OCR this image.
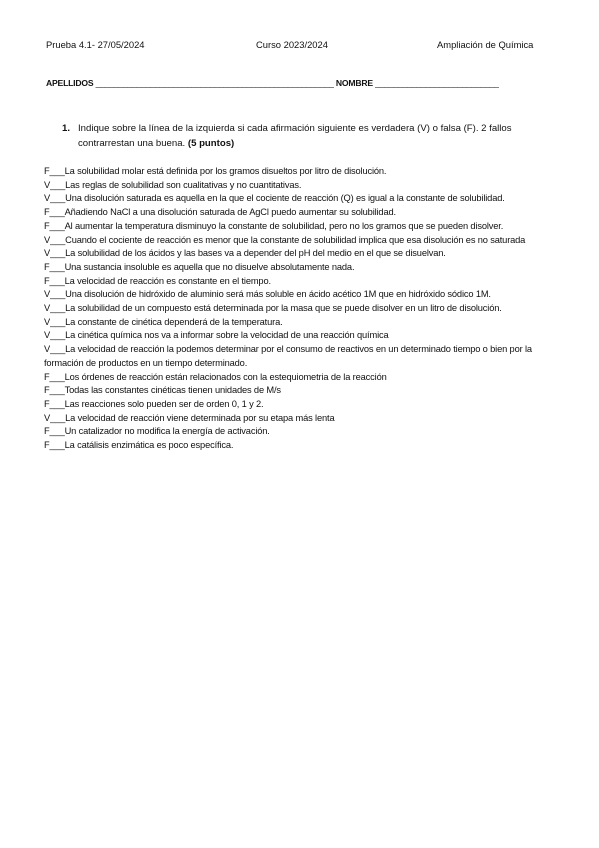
Prueba 4.1- 27/05/2024	Curso 2023/2024	Ampliación de Química
APELLIDOS ____________________________________________________ NOMBRE ___________________________
1. Indique sobre la línea de la izquierda si cada afirmación siguiente es verdadera (V) o falsa (F). 2 fallos contrarrestan una buena. (5 puntos)
F___La solubilidad molar está definida por los gramos disueltos por litro de disolución.
V___Las reglas de solubilidad son cualitativas y no cuantitativas.
V___Una disolución saturada es aquella en la que el cociente de reacción (Q) es igual a la constante de solubilidad.
F___Añadiendo NaCl a una disolución saturada de AgCl puedo aumentar su solubilidad.
F___Al aumentar la temperatura disminuyo la constante de solubilidad, pero no los gramos que se pueden disolver.
V___Cuando el cociente de reacción es menor que la constante de solubilidad implica que esa disolución es no saturada
V___La solubilidad de los ácidos y las bases va a depender del pH del medio en el que se disuelvan.
F___Una sustancia insoluble es aquella que no disuelve absolutamente nada.
F___La velocidad de reacción es constante en el tiempo.
V___Una disolución de hidróxido de aluminio será más soluble en ácido acético 1M que en hidróxido sódico 1M.
V___La solubilidad de un compuesto está determinada por la masa que se puede disolver en un litro de disolución.
V___La constante de cinética dependerá de la temperatura.
V___La cinética química nos va a informar sobre la velocidad de una reacción química
V___La velocidad de reacción la podemos determinar por el consumo de reactivos en un determinado tiempo o bien por la formación de productos en un tiempo determinado.
F___Los órdenes de reacción están relacionados con la estequiometria de la reacción
F___Todas las constantes cinéticas tienen unidades de M/s
F___Las reacciones solo pueden ser de orden 0, 1 y 2.
V___La velocidad de reacción viene determinada por su etapa más lenta
F___Un catalizador no modifica la energía de activación.
F___La catálisis enzimática es poco específica.
